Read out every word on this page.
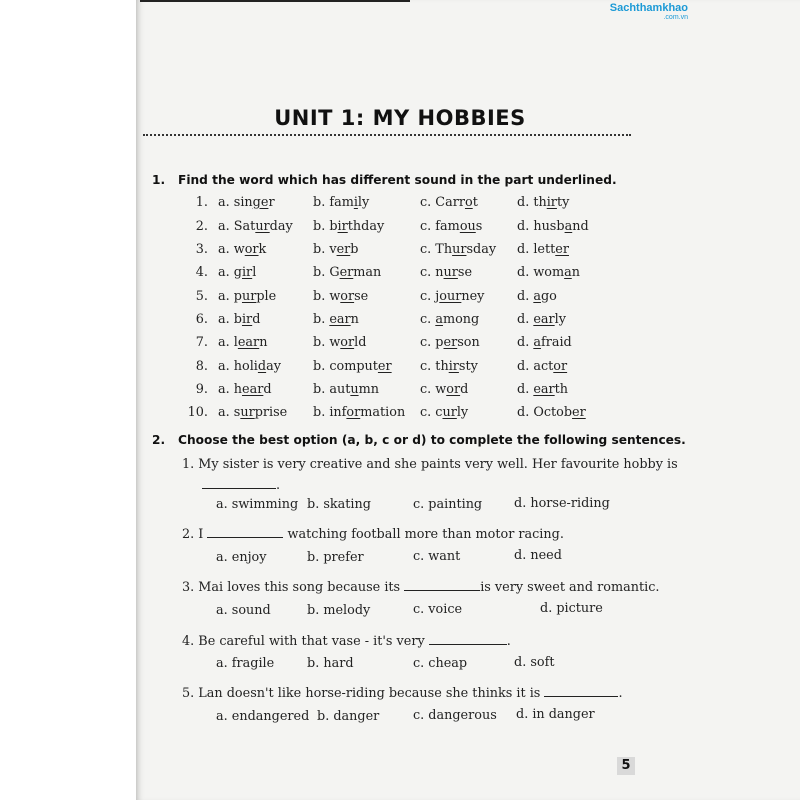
Sachthamkhao
.com.vn
UNIT 1: MY HOBBIES
1. Find the word which has different sound in the part underlined.
1. a. singer	b. family	c. Carrot	d. thirty
2. a. Saturday b. birthday	c. famous	d. husband
3. a. work	b. verb	c. Thursday d. letter
4. a. girl	b. German	c. nurse	d. woman
5. a. purple	b. worse	c. journey	d. ago
6. a. bird	b. earn	c. among	d. early
7. a. learn	b. world	c. person	d. afraid
8. a. holiday	b. computer c. thirsty	d. actor
9. a. heard	b. autumn	c. word	d. earth
10. a. surprise b. information c. curly	d. October
2. Choose the best option (a, b, c or d) to complete the following sentences.
1. My sister is very creative and she paints very well. Her favourite hobby is
.
a. swimming b. skating	c. painting d. horse-riding
2. I	watching football more than motor racing.
a. enjoy	b. prefer	c. want	d. need
3. Mai loves this song because its	is very sweet and romantic.
a. sound	b. melody	c. voice	d. picture
4. Be careful with that vase - it's very	.
a. fragile	b. hard	c. cheap	d. soft
5. Lan doesn't like horse-riding because she thinks it is	.
a. endangered b. danger	c. dangerous d. in danger
5
